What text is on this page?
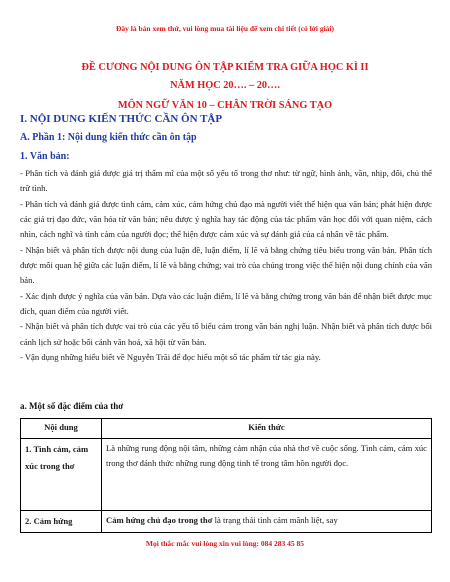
Đây là bản xem thử, vui lòng mua tài liệu để xem chi tiết (có lời giải)
ĐỀ CƯƠNG NỘI DUNG ÔN TẬP KIỂM TRA GIỮA HỌC KÌ II
NĂM HỌC 20…. – 20….
MÔN NGỮ VĂN 10 – CHÂN TRỜI SÁNG TẠO
I. NỘI DUNG KIẾN THỨC CẦN ÔN TẬP
A. Phần 1: Nội dung kiến thức cần ôn tập
1. Văn bản:

- Phân tích và đánh giá được giá trị thẩm mĩ của một số yếu tố trong thơ như: từ ngữ, hình ảnh, vần, nhịp, đối, chủ thể trữ tình.

- Phân tích và đánh giá được tình cảm, cảm xúc, cảm hứng chủ đạo mà người viết thể hiện qua văn bản; phát hiện được các giá trị đạo đức, văn hóa từ văn bản; nêu được ý nghĩa hay tác động của tác phẩm văn học đối với quan niệm, cách nhìn, cách nghĩ và tình cảm của người đọc; thể hiện được cảm xúc và sự đánh giá của cá nhân về tác phẩm.

- Nhận biết và phân tích được nội dung của luận đề, luận điểm, lí lẽ và bằng chứng tiêu biểu trong văn bản. Phân tích được mối quan hệ giữa các luận điểm, lí lẽ và bằng chứng; vai trò của chúng trong việc thể hiện nội dung chính của văn bản.

- Xác định được ý nghĩa của văn bản. Dựa vào các luận điểm, lí lẽ và bằng chứng trong văn bản để nhận biết được mục đích, quan điểm của người viết.

- Nhận biết và phân tích được vai trò của các yếu tố biểu cảm trong văn bản nghị luận. Nhận biết và phân tích được bối cảnh lịch sử hoặc bối cảnh văn hoá, xã hội từ văn bản.

- Vận dụng những hiểu biết về Nguyễn Trãi để đọc hiểu một số tác phẩm từ tác gia này.

a. Một số đặc điểm của thơ
Nội dung	Kiến thức
1. Tình cảm, cảm xúc trong thơ	Là những rung động nội tâm, những cảm nhận của nhà thơ về cuộc sống. Tình cảm, cảm xúc trong thơ đánh thức những rung động tinh tế trong tâm hồn người đọc.
2. Cảm hứng	Cảm hứng chủ đạo trong thơ là trạng thái tình cảm mãnh liệt, say
Mọi thắc mắc vui lòng xin vui lòng: 084 283 45 85
